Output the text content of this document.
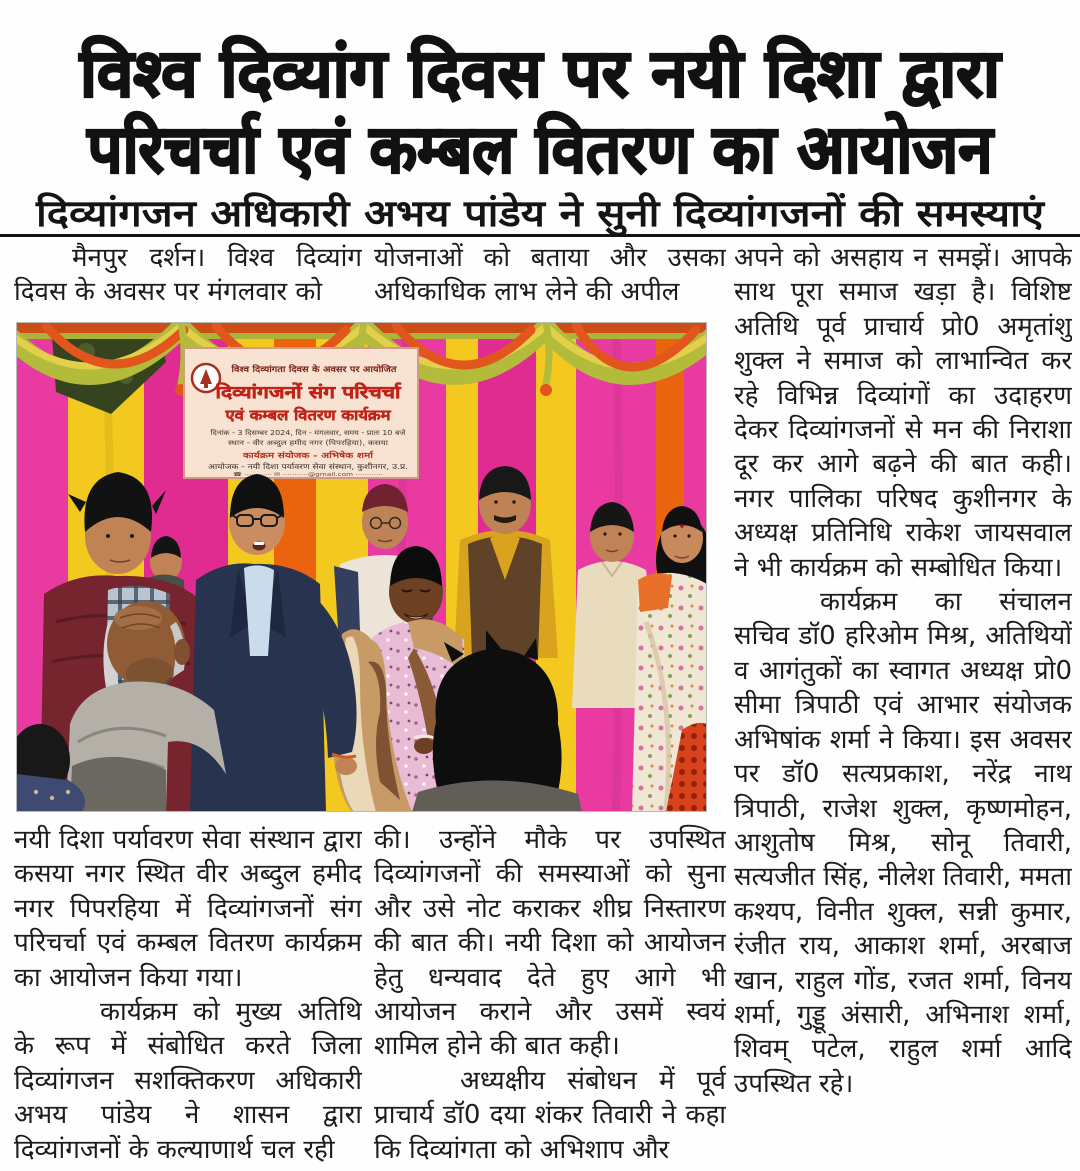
विश्व दिव्यांग दिवस पर नयी दिशा द्वारा
परिचर्चा एवं कम्बल वितरण का आयोजन
दिव्यांगजन अधिकारी अभय पांडेय ने सुनी दिव्यांगजनों की समस्याएं

मैनपुर दर्शन। विश्व दिव्यांग दिवस के अवसर पर मंगलवार को

योजनाओं को बताया और उसका अधिकाधिक लाभ लेने की अपील

नयी दिशा पर्यावरण सेवा संस्थान द्वारा कसया नगर स्थित वीर अब्दुल हमीद नगर पिपरहिया में दिव्यांगजनों संग परिचर्चा एवं कम्बल वितरण कार्यक्रम का आयोजन किया गया।

कार्यक्रम को मुख्य अतिथि के रूप में संबोधित करते जिला दिव्यांगजन सशक्तिकरण अधिकारी अभय पांडेय ने शासन द्वारा दिव्यांगजनों के कल्याणार्थ चल रही

की। उन्होंने मौके पर उपस्थित दिव्यांगजनों की समस्याओं को सुना और उसे नोट कराकर शीघ्र निस्तारण की बात की। नयी दिशा को आयोजन हेतु धन्यवाद देते हुए आगे भी आयोजन कराने और उसमें स्वयं शामिल होने की बात कही।

अध्यक्षीय संबोधन में पूर्व प्राचार्य डॉ0 दया शंकर तिवारी ने कहा कि दिव्यांगता को अभिशाप और

अपने को असहाय न समझें। आपके साथ पूरा समाज खड़ा है। विशिष्ट अतिथि पूर्व प्राचार्य प्रो0 अमृतांशु शुक्ल ने समाज को लाभान्वित कर रहे विभिन्न दिव्यांगों का उदाहरण देकर दिव्यांगजनों से मन की निराशा दूर कर आगे बढ़ने की बात कही। नगर पालिका परिषद कुशीनगर के अध्यक्ष प्रतिनिधि राकेश जायसवाल ने भी कार्यक्रम को सम्बोधित किया।

कार्यक्रम का संचालन सचिव डॉ0 हरिओम मिश्र, अतिथियों व आगंतुकों का स्वागत अध्यक्ष प्रो0 सीमा त्रिपाठी एवं आभार संयोजक अभिषांक शर्मा ने किया। इस अवसर पर डॉ0 सत्यप्रकाश, नरेंद्र नाथ त्रिपाठी, राजेश शुक्ल, कृष्णमोहन, आशुतोष मिश्र, सोनू तिवारी, सत्यजीत सिंह, नीलेश तिवारी, ममता कश्यप, विनीत शुक्ल, सन्नी कुमार, रंजीत राय, आकाश शर्मा, अरबाज खान, राहुल गोंड, रजत शर्मा, विनय शर्मा, गुड्डू अंसारी, अभिनाश शर्मा, शिवम् पटेल, राहुल शर्मा आदि उपस्थित रहे।

विश्व दिव्यांगता दिवस के अवसर पर आयोजित
दिव्यांगजनों संग परिचर्चा
एवं कम्बल वितरण कार्यक्रम
दिनांक - 3 दिसम्बर 2024, दिन - मंगलवार, समय - प्रातः 10 बजे
स्थान - वीर अब्दुल हमीद नगर (पिपरहिया), कसया
कार्यक्रम संयोजक - अभिषेक शर्मा
आयोजक - नयी दिशा पर्यावरण सेवा संस्थान, कुशीनगर, उ.प्र.
☎ ············ ✉ ···········@gmail.com ············
